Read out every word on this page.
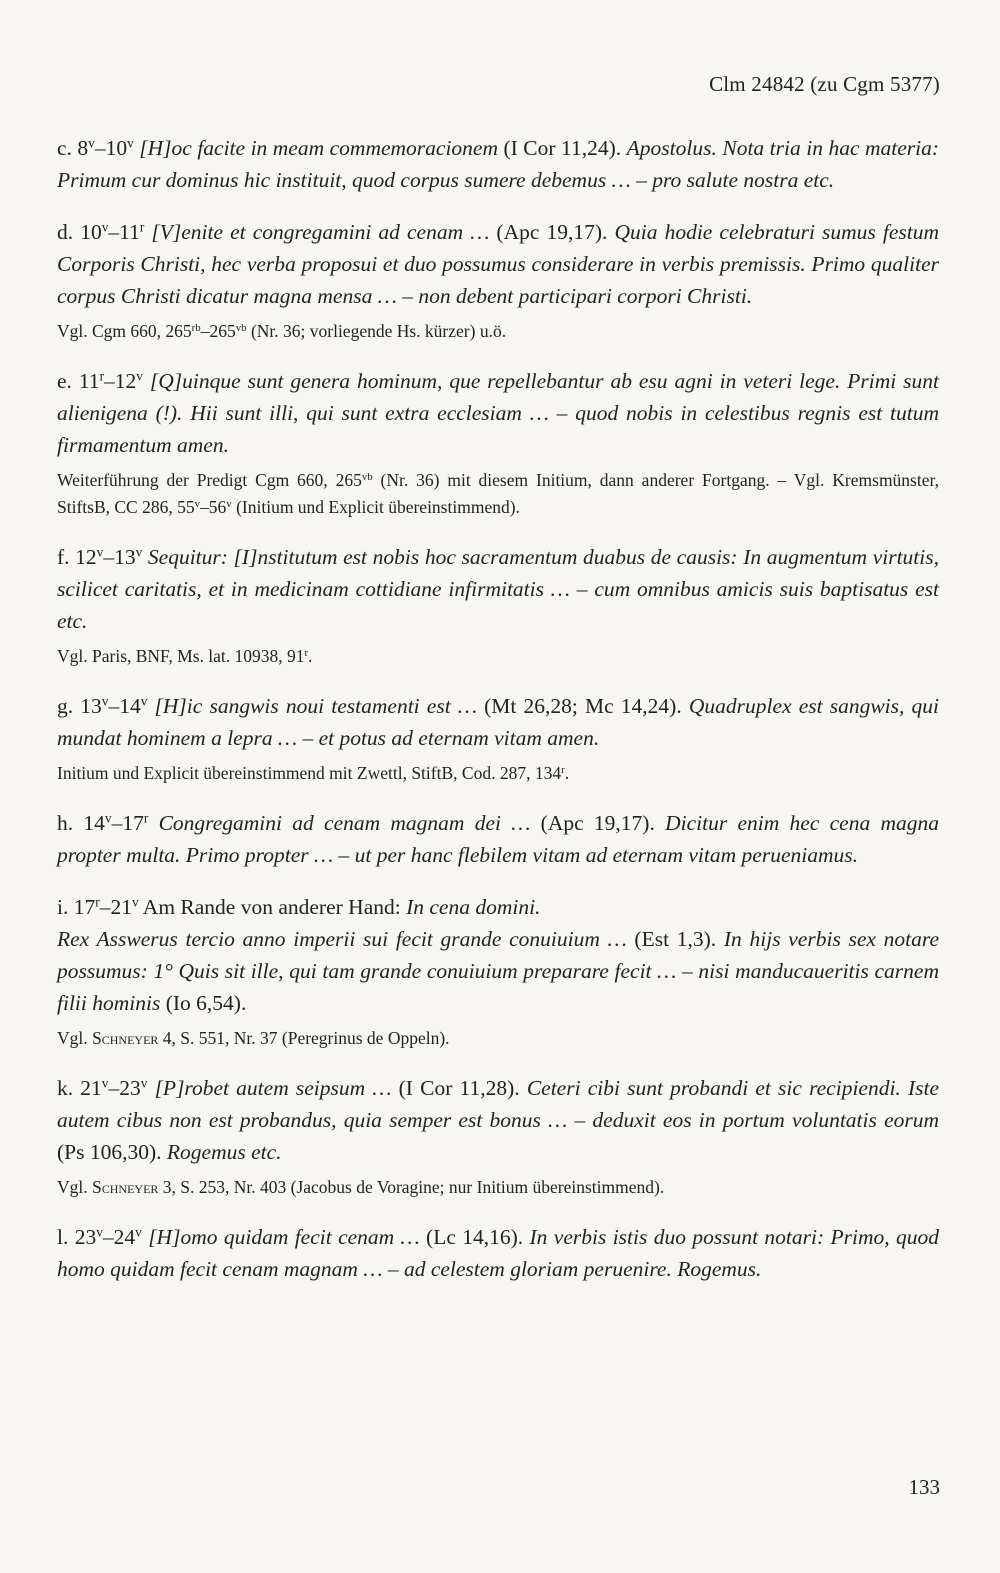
Clm 24842 (zu Cgm 5377)

c. 8$^v$–10$^v$ [H]oc facite in meam commemoracionem (I Cor 11,24). Apostolus. Nota tria in hac materia: Primum cur dominus hic instituit, quod corpus sumere debemus … – pro salute nostra etc.

d. 10$^v$–11$^r$ [V]enite et congregamini ad cenam … (Apc 19,17). Quia hodie celebraturi sumus festum Corporis Christi, hec verba proposui et duo possumus considerare in verbis premissis. Primo qualiter corpus Christi dicatur magna mensa … – non debent participari corpori Christi.

Vgl. Cgm 660, $265^{rb}-265^{vb}$ (Nr. 36; vorliegende Hs. kürzer) u.ö.

e. 11$^r$–12$^v$ [Q]uinque sunt genera hominum, que repellebantur ab esu agni in veteri lege. Primi sunt alienigena (!). Hii sunt illi, qui sunt extra ecclesiam … – quod nobis in celestibus regnis est tutum firmamentum amen.

Weiterführung der Predigt Cgm 660, $265^{vb}$ (Nr. 36) mit diesem Initium, dann anderer Fortgang. – Vgl. Kremsmünster, StiftsB, CC 286, 55$^v$–56$^v$ (Initium und Explicit übereinstimmend).

f. 12$^v$–13$^v$ Sequitur: [I]nstitutum est nobis hoc sacramentum duabus de causis: In augmentum virtutis, scilicet caritatis, et in medicinam cottidiane infirmitatis … – cum omnibus amicis suis baptisatus est etc.

Vgl. Paris, BNF, Ms. lat. 10938, 91$^r$.

g. 13$^v$–14$^v$ [H]ic sangwis noui testamenti est … (Mt 26,28; Mc 14,24). Quadruplex est sangwis, qui mundat hominem a lepra … – et potus ad eternam vitam amen.

Initium und Explicit übereinstimmend mit Zwettl, StiftB, Cod. 287, 134$^r$.

h. 14$^v$–17$^r$ Congregamini ad cenam magnam dei … (Apc 19,17). Dicitur enim hec cena magna propter multa. Primo propter … – ut per hanc flebilem vitam ad eternam vitam perueniamus.

i. 17$^r$–21$^v$ Am Rande von anderer Hand: In cena domini.
Rex Asswerus tercio anno imperii sui fecit grande conuiuium … (Est 1,3). In hijs verbis sex notare possumus: 1° Quis sit ille, qui tam grande conuiuium preparare fecit … – nisi manducaueritis carnem filii hominis (Io 6,54).

Vgl. Schneyer 4, S. 551, Nr. 37 (Peregrinus de Oppeln).

k. 21$^v$–23$^v$ [P]robet autem seipsum … (I Cor 11,28). Ceteri cibi sunt probandi et sic recipiendi. Iste autem cibus non est probandus, quia semper est bonus … – deduxit eos in portum voluntatis eorum (Ps 106,30). Rogemus etc.

Vgl. Schneyer 3, S. 253, Nr. 403 (Jacobus de Voragine; nur Initium übereinstimmend).

l. 23$^v$–24$^v$ [H]omo quidam fecit cenam … (Lc 14,16). In verbis istis duo possunt notari: Primo, quod homo quidam fecit cenam magnam … – ad celestem gloriam peruenire. Rogemus.

133
